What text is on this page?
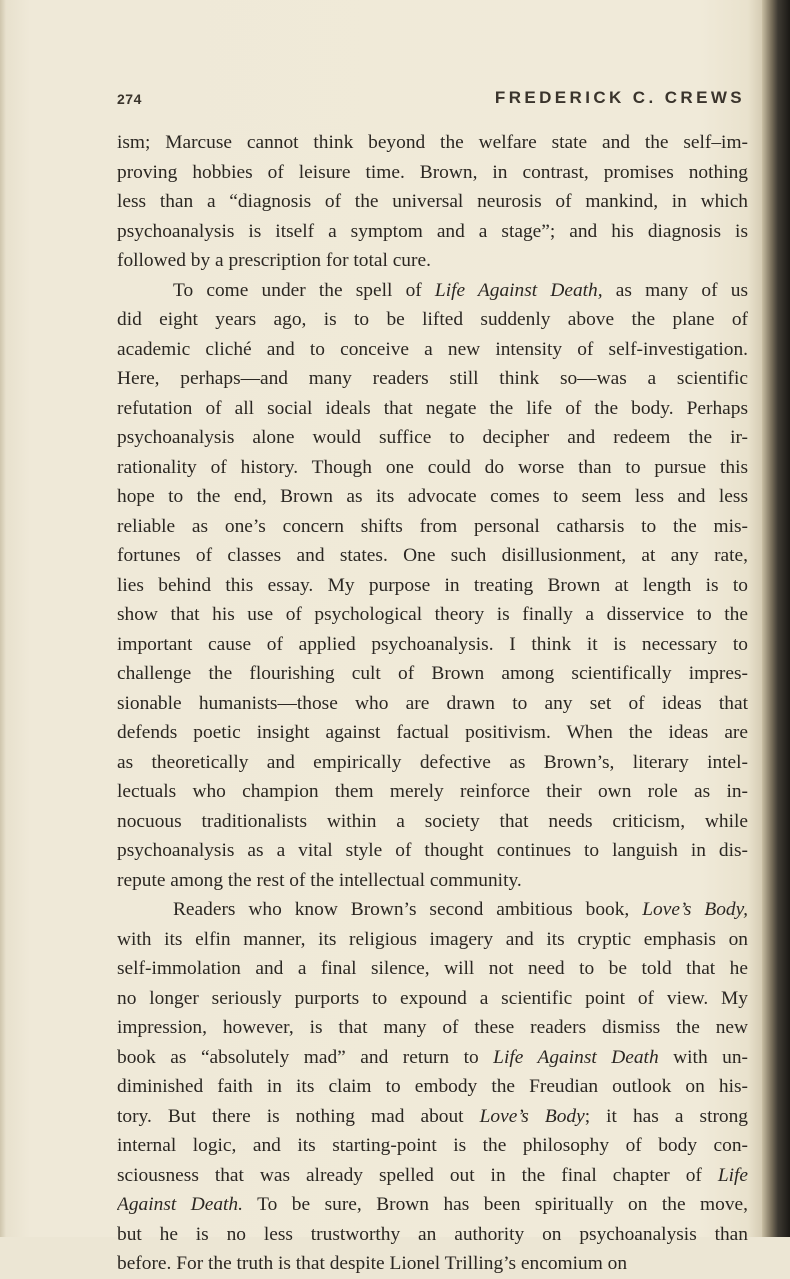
274	FREDERICK C. CREWS
ism; Marcuse cannot think beyond the welfare state and the self–im-
proving hobbies of leisure time. Brown, in contrast, promises nothing
less than a “diagnosis of the universal neurosis of mankind, in which
psychoanalysis is itself a symptom and a stage”; and his diagnosis is
followed by a prescription for total cure.
To come under the spell of Life Against Death, as many of us
did eight years ago, is to be lifted suddenly above the plane of
academic cliché and to conceive a new intensity of self-investigation.
Here, perhaps—and many readers still think so—was a scientific
refutation of all social ideals that negate the life of the body. Perhaps
psychoanalysis alone would suffice to decipher and redeem the ir-
rationality of history. Though one could do worse than to pursue this
hope to the end, Brown as its advocate comes to seem less and less
reliable as one’s concern shifts from personal catharsis to the mis-
fortunes of classes and states. One such disillusionment, at any rate,
lies behind this essay. My purpose in treating Brown at length is to
show that his use of psychological theory is finally a disservice to the
important cause of applied psychoanalysis. I think it is necessary to
challenge the flourishing cult of Brown among scientifically impres-
sionable humanists—those who are drawn to any set of ideas that
defends poetic insight against factual positivism. When the ideas are
as theoretically and empirically defective as Brown’s, literary intel-
lectuals who champion them merely reinforce their own role as in-
nocuous traditionalists within a society that needs criticism, while
psychoanalysis as a vital style of thought continues to languish in dis-
repute among the rest of the intellectual community.
Readers who know Brown’s second ambitious book, Love’s Body,
with its elfin manner, its religious imagery and its cryptic emphasis on
self-immolation and a final silence, will not need to be told that he
no longer seriously purports to expound a scientific point of view. My
impression, however, is that many of these readers dismiss the new
book as “absolutely mad” and return to Life Against Death with un-
diminished faith in its claim to embody the Freudian outlook on his-
tory. But there is nothing mad about Love’s Body; it has a strong
internal logic, and its starting-point is the philosophy of body con-
sciousness that was already spelled out in the final chapter of Life
Against Death. To be sure, Brown has been spiritually on the move,
but he is no less trustworthy an authority on psychoanalysis than
before. For the truth is that despite Lionel Trilling’s encomium on
